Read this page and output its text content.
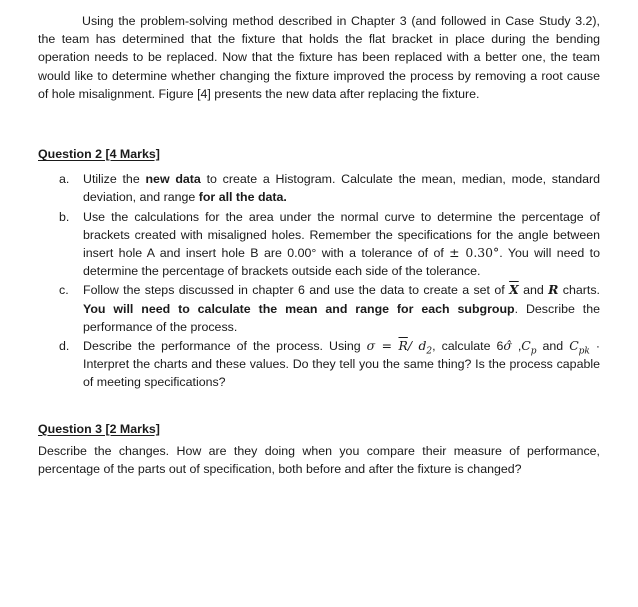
Using the problem-solving method described in Chapter 3 (and followed in Case Study 3.2), the team has determined that the fixture that holds the flat bracket in place during the bending operation needs to be replaced. Now that the fixture has been replaced with a better one, the team would like to determine whether changing the fixture improved the process by removing a root cause of hole misalignment. Figure [4] presents the new data after replacing the fixture.

Question 2 [4 Marks]

a. Utilize the new data to create a Histogram. Calculate the mean, median, mode, standard deviation, and range for all the data.
b. Use the calculations for the area under the normal curve to determine the percentage of brackets created with misaligned holes. Remember the specifications for the angle between insert hole A and insert hole B are 0.00° with a tolerance of of ± 0.30°. You will need to determine the percentage of brackets outside each side of the tolerance.
c. Follow the steps discussed in chapter 6 and use the data to create a set of $\overline{X}$ and R charts. You will need to calculate the mean and range for each subgroup. Describe the performance of the process.
d. Describe the performance of the process. Using $\sigma = \overline{R}/$ $d_2$, calculate 6σ̂ $,C_p$ and $C_{pk}$ · Interpret the charts and these values. Do they tell you the same thing? Is the process capable of meeting specifications?

Question 3 [2 Marks]

Describe the changes. How are they doing when you compare their measure of performance, percentage of the parts out of specification, both before and after the fixture is changed?
